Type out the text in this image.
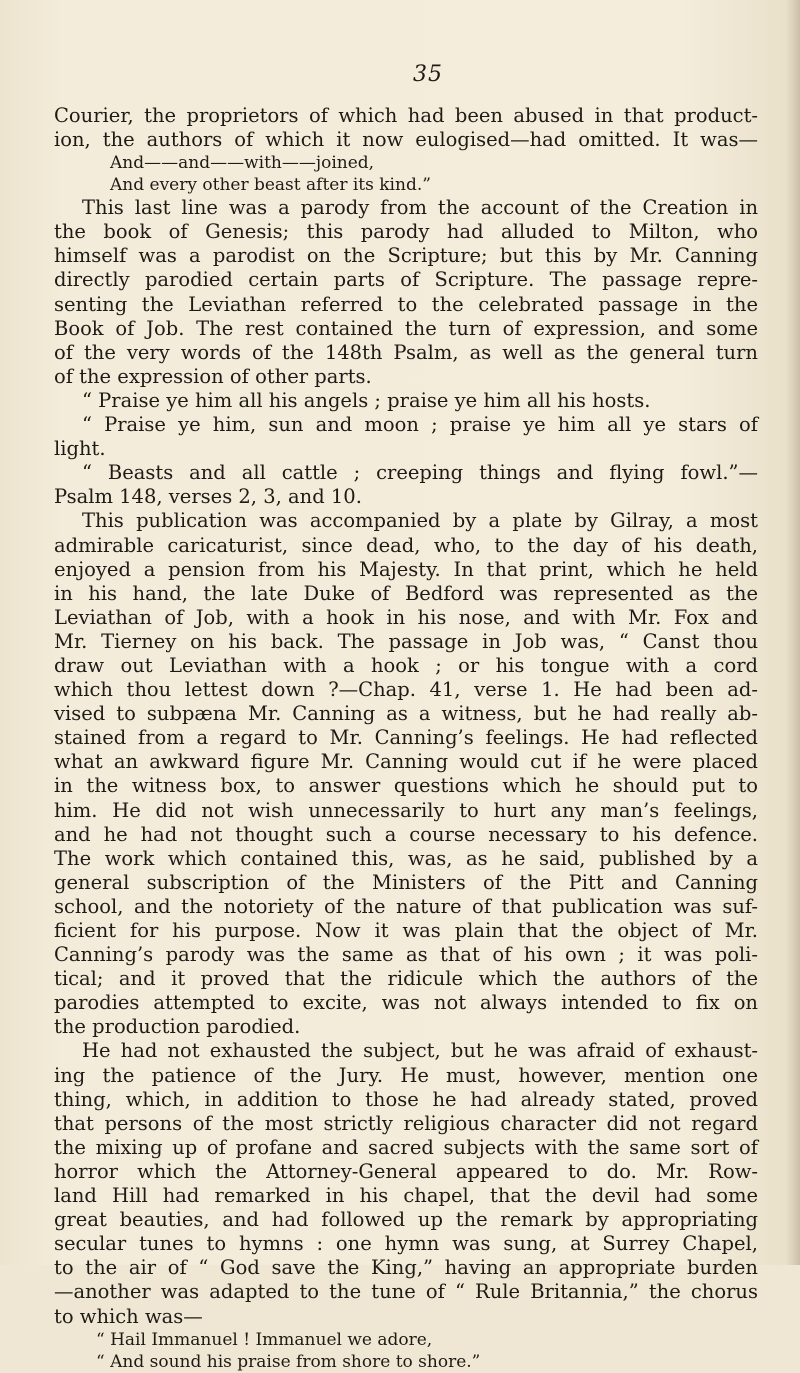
35
Courier, the proprietors of which had been abused in that product-
ion, the authors of which it now eulogised—had omitted. It was—
And——and——with——joined,
And every other beast after its kind.”
This last line was a parody from the account of the Creation in
the book of Genesis; this parody had alluded to Milton, who
himself was a parodist on the Scripture; but this by Mr. Canning
directly parodied certain parts of Scripture. The passage repre-
senting the Leviathan referred to the celebrated passage in the
Book of Job. The rest contained the turn of expression, and some
of the very words of the 148th Psalm, as well as the general turn
of the expression of other parts.
“ Praise ye him all his angels ; praise ye him all his hosts.
“ Praise ye him, sun and moon ; praise ye him all ye stars of
light.
“ Beasts and all cattle ; creeping things and flying fowl.”—
Psalm 148, verses 2, 3, and 10.
This publication was accompanied by a plate by Gilray, a most
admirable caricaturist, since dead, who, to the day of his death,
enjoyed a pension from his Majesty. In that print, which he held
in his hand, the late Duke of Bedford was represented as the
Leviathan of Job, with a hook in his nose, and with Mr. Fox and
Mr. Tierney on his back. The passage in Job was, “ Canst thou
draw out Leviathan with a hook ; or his tongue with a cord
which thou lettest down ?—Chap. 41, verse 1. He had been ad-
vised to subpæna Mr. Canning as a witness, but he had really ab-
stained from a regard to Mr. Canning’s feelings. He had reflected
what an awkward figure Mr. Canning would cut if he were placed
in the witness box, to answer questions which he should put to
him. He did not wish unnecessarily to hurt any man’s feelings,
and he had not thought such a course necessary to his defence.
The work which contained this, was, as he said, published by a
general subscription of the Ministers of the Pitt and Canning
school, and the notoriety of the nature of that publication was suf-
ficient for his purpose. Now it was plain that the object of Mr.
Canning’s parody was the same as that of his own ; it was poli-
tical; and it proved that the ridicule which the authors of the
parodies attempted to excite, was not always intended to fix on
the production parodied.
He had not exhausted the subject, but he was afraid of exhaust-
ing the patience of the Jury. He must, however, mention one
thing, which, in addition to those he had already stated, proved
that persons of the most strictly religious character did not regard
the mixing up of profane and sacred subjects with the same sort of
horror which the Attorney-General appeared to do. Mr. Row-
land Hill had remarked in his chapel, that the devil had some
great beauties, and had followed up the remark by appropriating
secular tunes to hymns : one hymn was sung, at Surrey Chapel,
to the air of “ God save the King,” having an appropriate burden
—another was adapted to the tune of “ Rule Britannia,” the chorus
to which was—
“ Hail Immanuel ! Immanuel we adore,
“ And sound his praise from shore to shore.”
